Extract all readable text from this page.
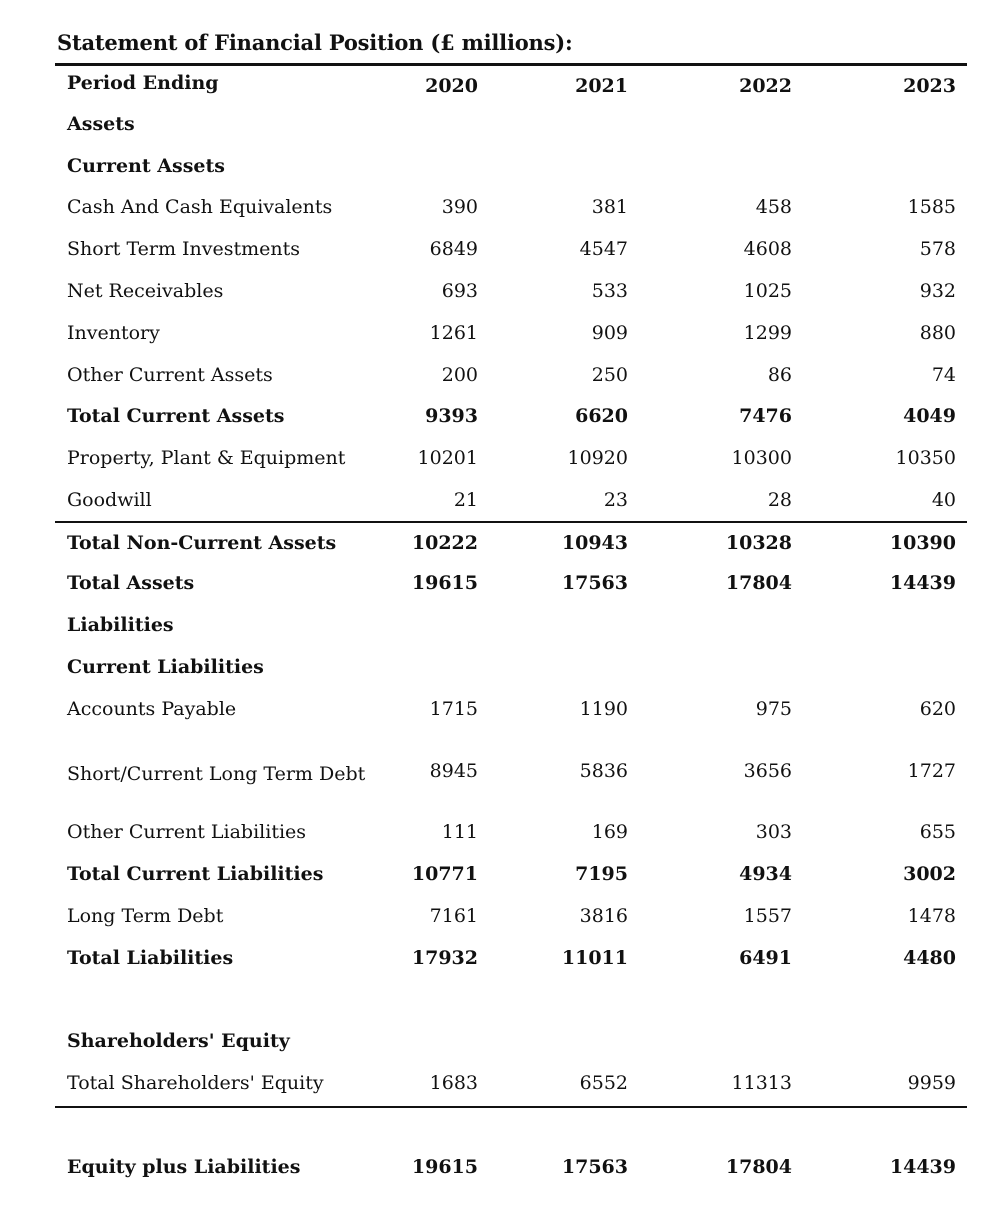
Statement of Financial Position (£ millions):
Period Ending	2020	2021	2022	2023
Assets
Current Assets
Cash And Cash Equivalents	390	381	458	1585
Short Term Investments	6849	4547	4608	578
Net Receivables	693	533	1025	932
Inventory	1261	909	1299	880
Other Current Assets	200	250	86	74
Total Current Assets	9393	6620	7476	4049
Property, Plant & Equipment	10201	10920	10300	10350
Goodwill	21	23	28	40
Total Non-Current Assets	10222	10943	10328	10390
Total Assets	19615	17563	17804	14439
Liabilities
Current Liabilities
Accounts Payable	1715	1190	975	620
Short/Current Long Term Debt	8945	5836	3656	1727
Other Current Liabilities	111	169	303	655
Total Current Liabilities	10771	7195	4934	3002
Long Term Debt	7161	3816	1557	1478
Total Liabilities	17932	11011	6491	4480
Shareholders' Equity
Total Shareholders' Equity	1683	6552	11313	9959
Equity plus Liabilities	19615	17563	17804	14439
